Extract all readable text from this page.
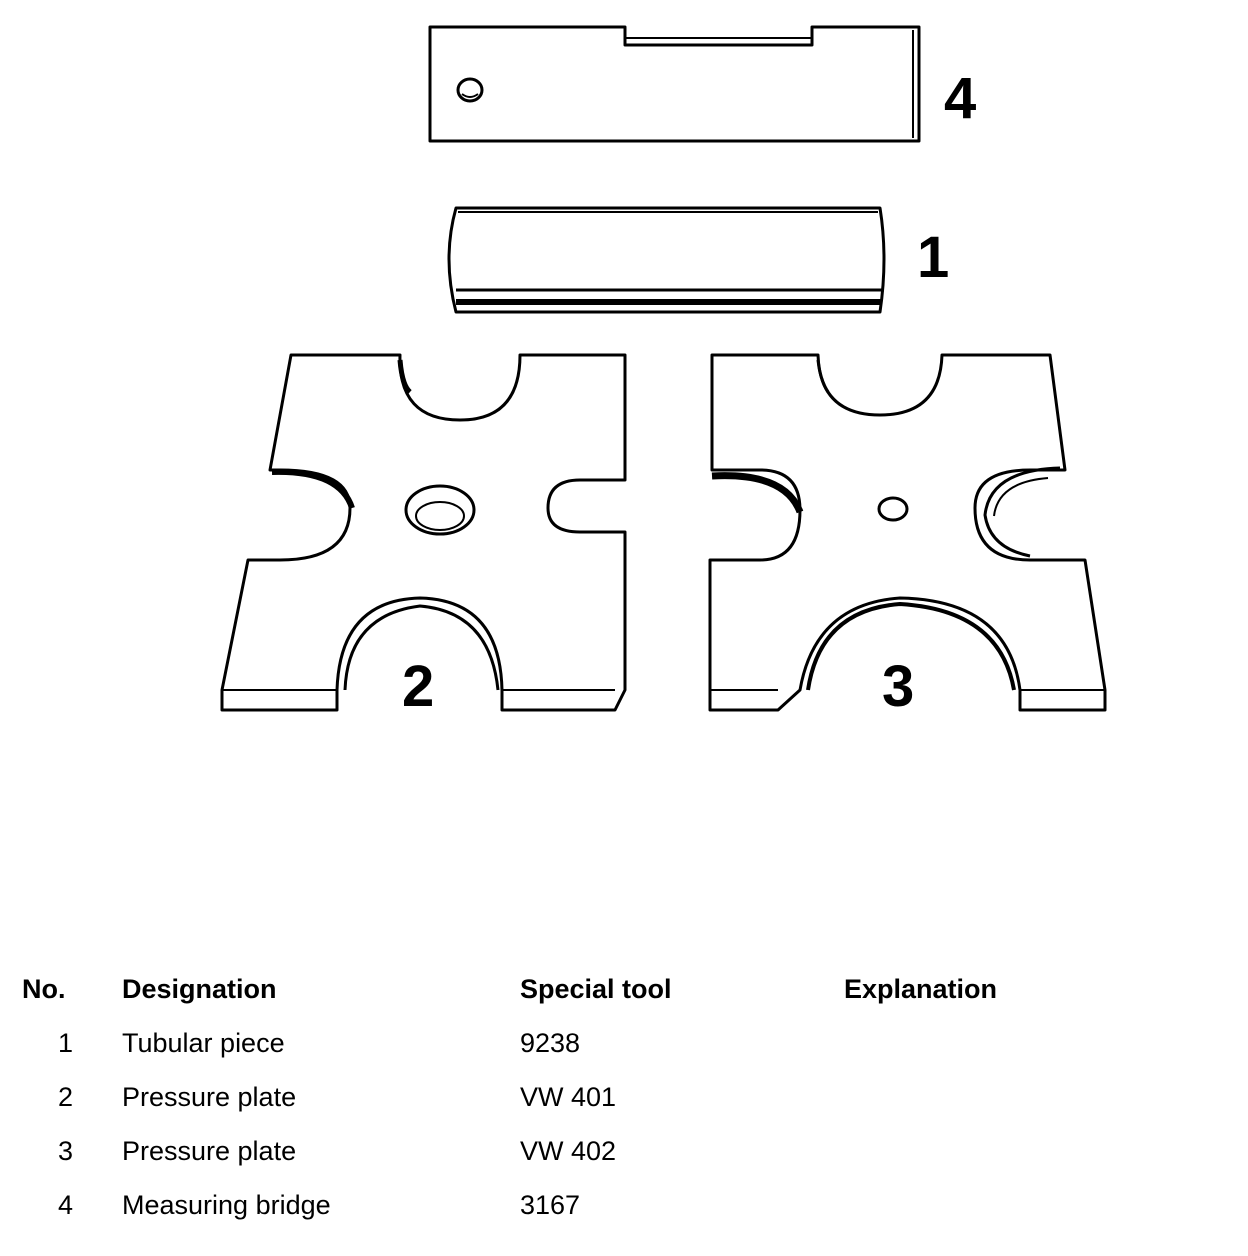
4
1
2	3
No.	Designation	Special tool	Explanation
1	Tubular piece	9238	
2	Pressure plate	VW 401	
3	Pressure plate	VW 402	
4	Measuring bridge	3167	
